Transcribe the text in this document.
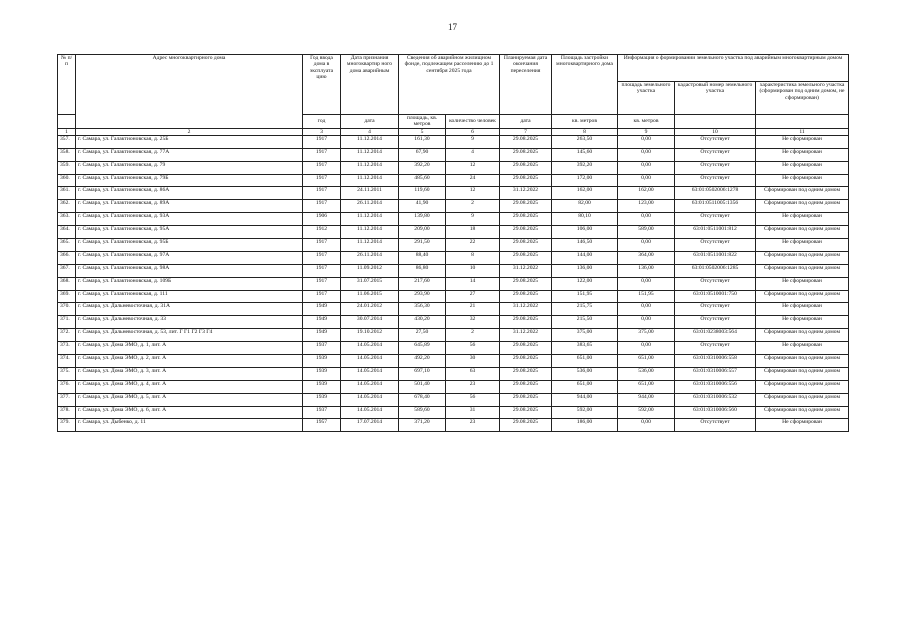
17
№ п/п	Адрес многоквартирного дома	Год ввода дома в эксплуата цию	Дата признания многоквартир ного дома аварийным	Сведения об аварийном жилищном фонде, подлежащем расселению до 1 сентября 2025 года		Планируемая дата окончания переселения	Площадь застройки многоквартирного дома	Информация о формировании земельного участка под аварийным многоквартирным домом		
								площадь земельного участка	кадастровый номер земельного участка	характеристика земельного участка (сформирован под одним домом, не сформирован)
		год	дата	площадь, кв. метров	количество человек	дата	кв. метров	кв. метров		
1	2	3	4	5	6	7	8	9	10	11
357.	г. Самара, ул. Галактионовская, д. 25Б	1917	11.12.2014	161,30	9	29.08.2025	263,50	0,00	Отсутствует	Не сформирован
358.	г. Самара, ул. Галактионовская, д. 77А	1917	11.12.2014	67,90	4	29.08.2025	145,60	0,00	Отсутствует	Не сформирован
359.	г. Самара, ул. Галактионовская, д. 79	1917	11.12.2014	392,20	12	29.08.2025	392,20	0,00	Отсутствует	Не сформирован
360.	г. Самара, ул. Галактионовская, д. 79Б	1917	11.12.2014	485,60	24	29.08.2025	172,00	0,00	Отсутствует	Не сформирован
361.	г. Самара, ул. Галактионовская, д. 86А	1917	24.11.2011	119,60	12	31.12.2022	162,00	162,00	63:01:0502006:1278	Сформирован под одним домом
362.	г. Самара, ул. Галактионовская, д. 89А	1917	26.11.2014	41,90	2	29.08.2025	82,00	123,00	63:01:0511005:1356	Сформирован под одним домом
363.	г. Самара, ул. Галактионовская, д. 93А	1906	11.12.2014	139,80	9	29.08.2025	80,10	0,00	Отсутствует	Не сформирован
364.	г. Самара, ул. Галактионовская, д. 95А	1912	11.12.2014	209,00	18	29.08.2025	106,00	589,00	63:01:0511001:812	Сформирован под одним домом
365.	г. Самара, ул. Галактионовская, д. 95Б	1917	11.12.2014	291,50	22	29.08.2025	146,50	0,00	Отсутствует	Не сформирован
366.	г. Самара, ул. Галактионовская, д. 97А	1917	26.11.2014	88,40	8	29.08.2025	144,00	364,00	63:01:0511001:822	Сформирован под одним домом
367.	г. Самара, ул. Галактионовская, д. 98А	1917	11.09.2012	86,80	10	31.12.2022	136,00	136,00	63:01:0502006:1285	Сформирован под одним домом
368.	г. Самара, ул. Галактионовская, д. 109Б	1917	31.07.2015	217,60	14	29.08.2025	122,00	0,00	Отсутствует	Не сформирован
369.	г. Самара, ул. Галактионовская, д. 111	1917	11.06.2015	293,90	27	29.08.2025	151,95	151,95	63:01:0510001:750	Сформирован под одним домом
370.	г. Самара, ул. Дальневосточная, д. 31А	1949	24.01.2012	356,30	21	31.12.2022	215,75	0,00	Отсутствует	Не сформирован
371.	г. Самара, ул. Дальневосточная, д. 33	1949	30.07.2014	430,20	32	29.08.2025	215,50	0,00	Отсутствует	Не сформирован
372.	г. Самара, ул. Дальневосточная, д. 53, лит. Г Г1 Г2 Г3 Г4	1949	19.10.2012	27,50	2	31.12.2022	375,00	375,00	63:01:0238003:564	Сформирован под одним домом
373.	г. Самара, ул. Дома ЭМО, д. 1, лит. А	1937	14.05.2014	645,89	56	29.08.2025	383,65	0,00	Отсутствует	Не сформирован
374.	г. Самара, ул. Дома ЭМО, д. 2, лит. А	1939	14.05.2014	492,20	30	29.08.2025	651,00	651,00	63:01:0310006:558	Сформирован под одним домом
375.	г. Самара, ул. Дома ЭМО, д. 3, лит. А	1939	14.05.2014	697,10	63	29.08.2025	536,00	536,00	63:01:0310006:557	Сформирован под одним домом
376.	г. Самара, ул. Дома ЭМО, д. 4, лит. А	1939	14.05.2014	501,40	23	29.08.2025	651,00	651,00	63:01:0310006:556	Сформирован под одним домом
377.	г. Самара, ул. Дома ЭМО, д. 5, лит. А	1939	14.05.2014	678,40	56	29.08.2025	944,00	944,00	63:01:0310006:532	Сформирован под одним домом
378.	г. Самара, ул. Дома ЭМО, д. 6, лит. А	1937	14.05.2014	589,60	31	29.08.2025	592,00	592,00	63:01:0310006:560	Сформирован под одним домом
379.	г. Самара, ул. Дыбенко, д. 11	1957	17.07.2014	371,20	23	29.08.2025	186,00	0,00	Отсутствует	Не сформирован
